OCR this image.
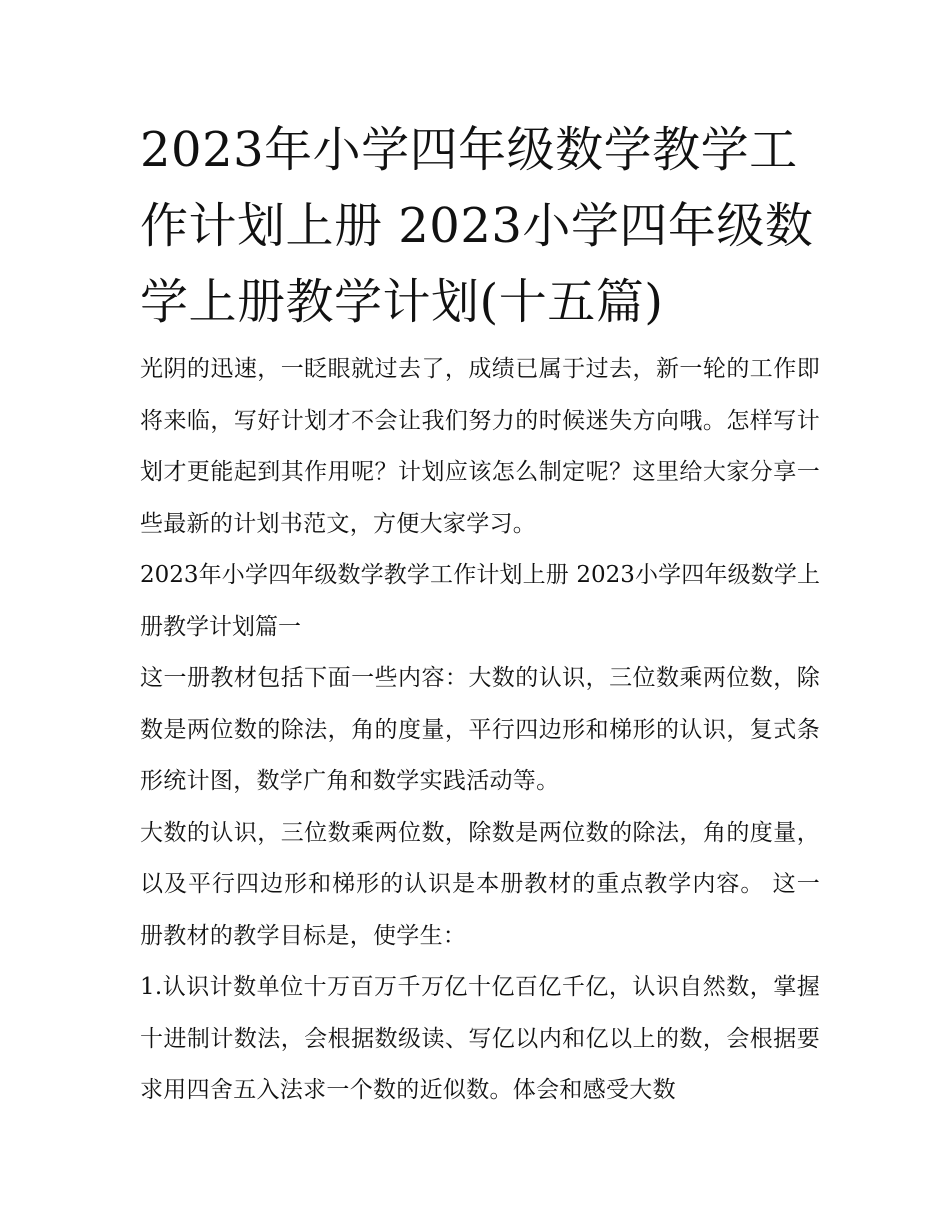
2023年小学四年级数学教学工作计划上册 2023小学四年级数学上册教学计划(十五篇)

光阴的迅速，一眨眼就过去了，成绩已属于过去，新一轮的工作即将来临，写好计划才不会让我们努力的时候迷失方向哦。怎样写计划才更能起到其作用呢？计划应该怎么制定呢？这里给大家分享一些最新的计划书范文，方便大家学习。

2023年小学四年级数学教学工作计划上册 2023小学四年级数学上册教学计划篇一

这一册教材包括下面一些内容：大数的认识，三位数乘两位数，除数是两位数的除法，角的度量，平行四边形和梯形的认识，复式条形统计图，数学广角和数学实践活动等。

大数的认识，三位数乘两位数，除数是两位数的除法，角的度量，以及平行四边形和梯形的认识是本册教材的重点教学内容。 这一册教材的教学目标是，使学生：

1.认识计数单位十万百万千万亿十亿百亿千亿，认识自然数，掌握十进制计数法，会根据数级读、写亿以内和亿以上的数，会根据要求用四舍五入法求一个数的近似数。体会和感受大数
